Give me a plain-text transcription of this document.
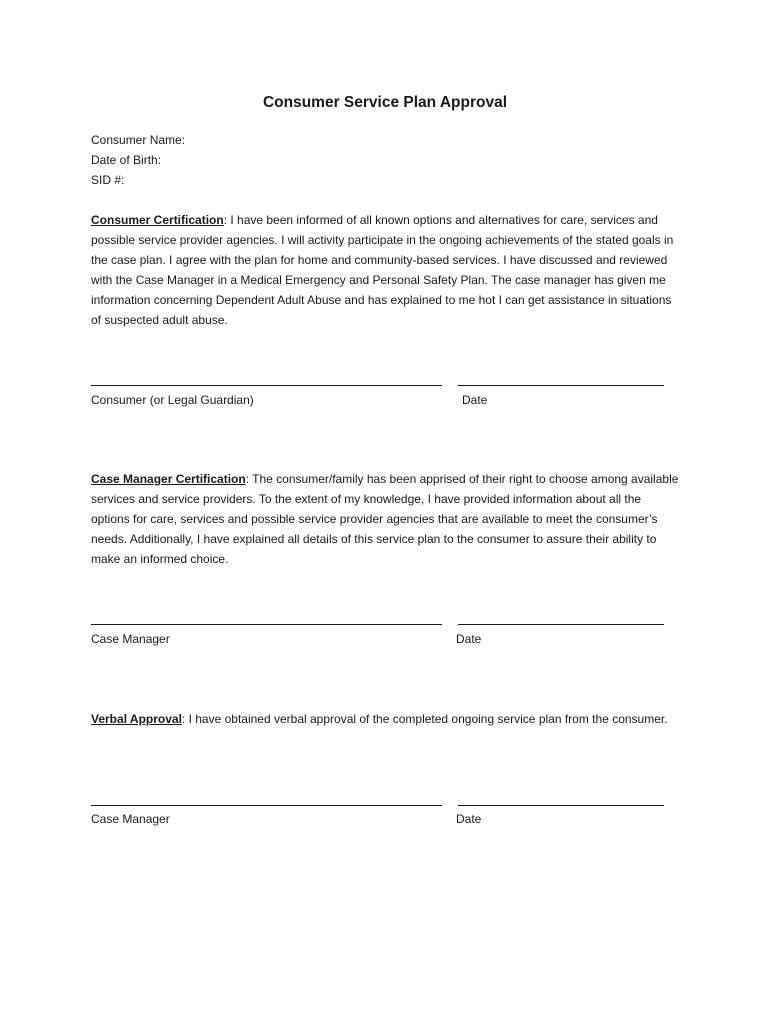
Consumer Service Plan Approval
Consumer Name:
Date of Birth:
SID #:
Consumer Certification: I have been informed of all known options and alternatives for care, services and possible service provider agencies. I will activity participate in the ongoing achievements of the stated goals in the case plan. I agree with the plan for home and community-based services. I have discussed and reviewed with the Case Manager in a Medical Emergency and Personal Safety Plan. The case manager has given me information concerning Dependent Adult Abuse and has explained to me hot I can get assistance in situations of suspected adult abuse.
Consumer (or Legal Guardian)	Date
Case Manager Certification: The consumer/family has been apprised of their right to choose among available services and service providers. To the extent of my knowledge, I have provided information about all the options for care, services and possible service provider agencies that are available to meet the consumer’s needs. Additionally, I have explained all details of this service plan to the consumer to assure their ability to make an informed choice.
Case Manager	Date
Verbal Approval: I have obtained verbal approval of the completed ongoing service plan from the consumer.
Case Manager	Date
